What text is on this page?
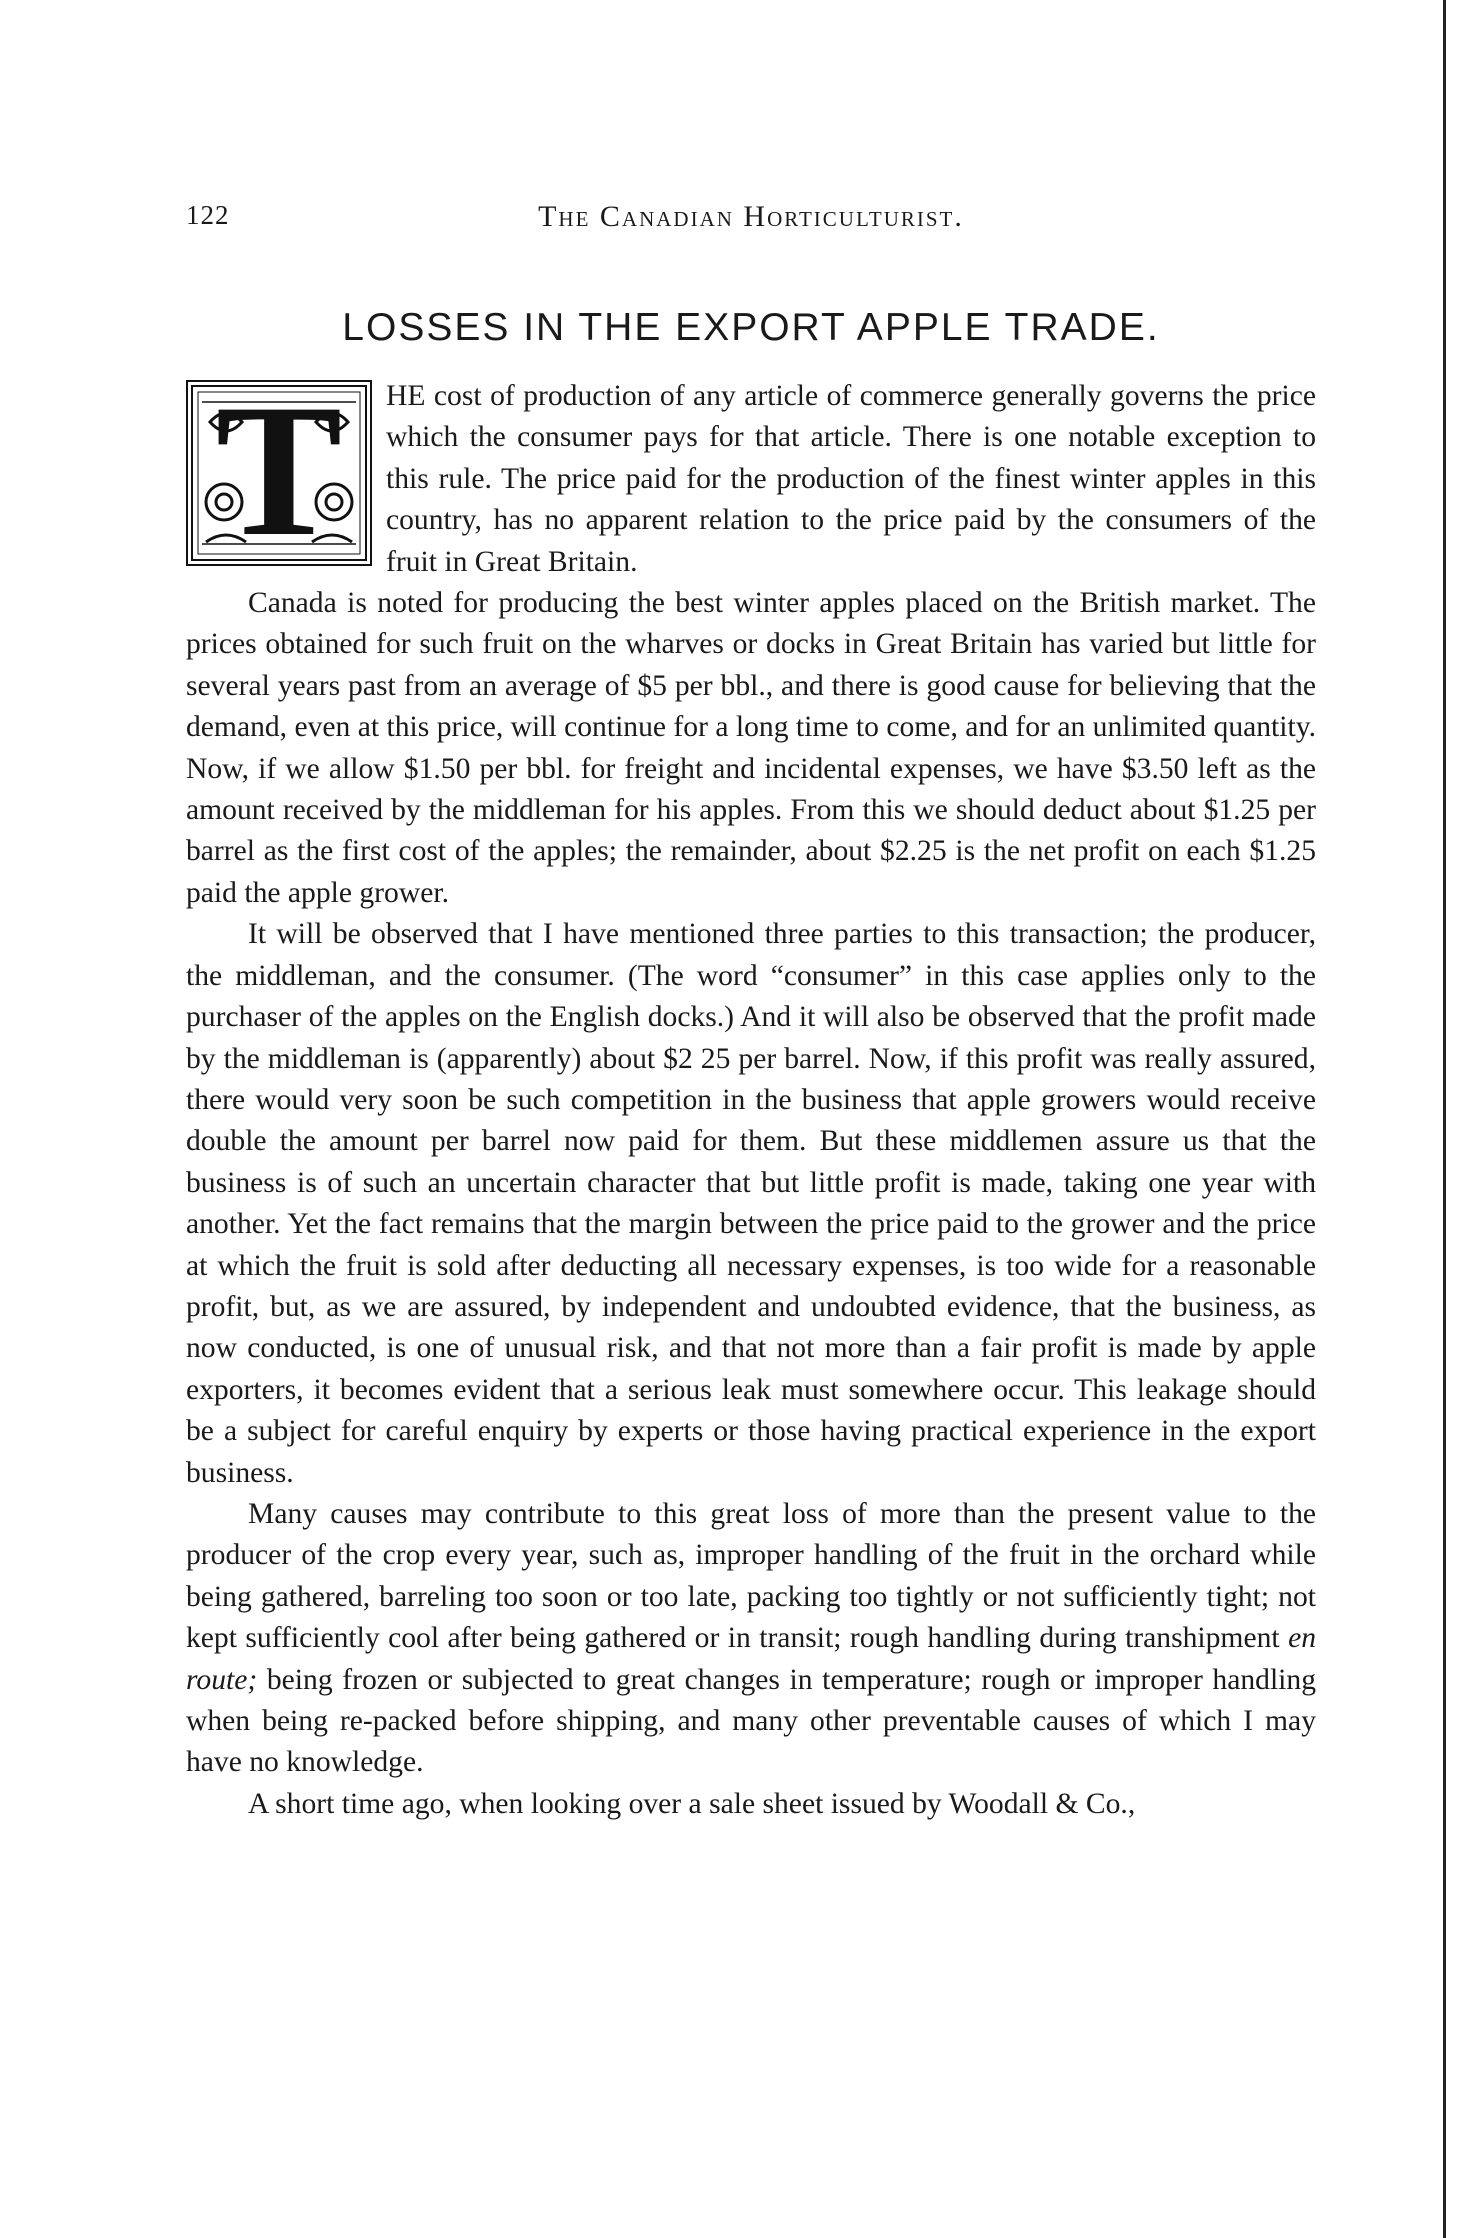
122	The Canadian Horticulturist.
LOSSES IN THE EXPORT APPLE TRADE.

T	HE cost of production of any article of commerce generally governs the price which the consumer pays for that article. There is one notable exception to this rule. The price paid for the production of the finest winter apples in this country, has no apparent relation to the price paid by the consumers of the fruit in Great Britain.

Canada is noted for producing the best winter apples placed on the British market. The prices obtained for such fruit on the wharves or docks in Great Britain has varied but little for several years past from an average of $5 per bbl., and there is good cause for believing that the demand, even at this price, will continue for a long time to come, and for an unlimited quantity. Now, if we allow $1.50 per bbl. for freight and incidental expenses, we have $3.50 left as the amount received by the middleman for his apples. From this we should deduct about $1.25 per barrel as the first cost of the apples; the remainder, about $2.25 is the net profit on each $1.25 paid the apple grower.

It will be observed that I have mentioned three parties to this transaction; the producer, the middleman, and the consumer. (The word “consumer” in this case applies only to the purchaser of the apples on the English docks.) And it will also be observed that the profit made by the middleman is (apparently) about $2 25 per barrel. Now, if this profit was really assured, there would very soon be such competition in the business that apple growers would receive double the amount per barrel now paid for them. But these middlemen assure us that the business is of such an uncertain character that but little profit is made, taking one year with another. Yet the fact remains that the margin between the price paid to the grower and the price at which the fruit is sold after deducting all necessary expenses, is too wide for a reasonable profit, but, as we are assured, by independent and undoubted evidence, that the business, as now conducted, is one of unusual risk, and that not more than a fair profit is made by apple exporters, it becomes evident that a serious leak must somewhere occur. This leakage should be a subject for careful enquiry by experts or those having practical experience in the export business.

Many causes may contribute to this great loss of more than the present value to the producer of the crop every year, such as, improper handling of the fruit in the orchard while being gathered, barreling too soon or too late, packing too tightly or not sufficiently tight; not kept sufficiently cool after being gathered or in transit; rough handling during transhipment en route; being frozen or subjected to great changes in temperature; rough or improper handling when being re-packed before shipping, and many other preventable causes of which I may have no knowledge.

A short time ago, when looking over a sale sheet issued by Woodall & Co.,
